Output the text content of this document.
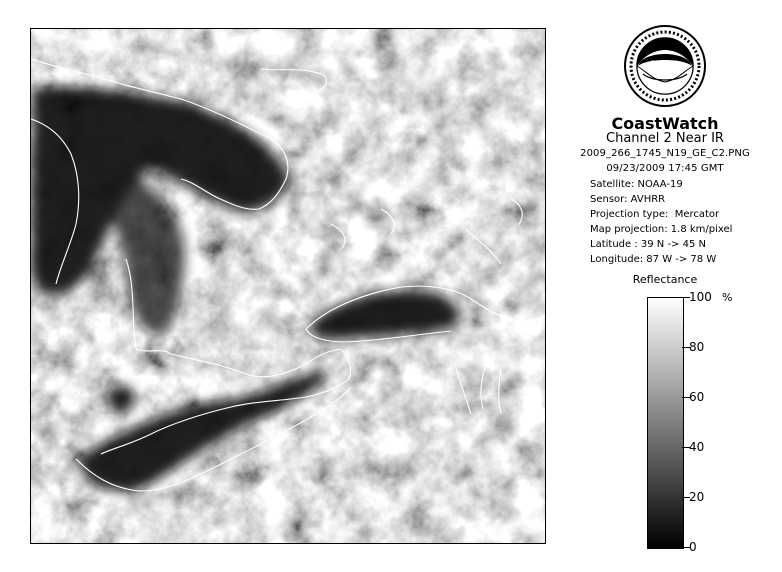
NOAA
CoastWatch
Channel 2 Near IR
2009_266_1745_N19_GE_C2.PNG
09/23/2009 17:45 GMT
Satellite: NOAA-19
Sensor: AVHRR
Projection type:  Mercator
Map projection: 1.8 km/pixel
Latitude : 39 N -> 45 N
Longitude: 87 W -> 78 W
Reflectance
%
100
80
60
40
20
0
